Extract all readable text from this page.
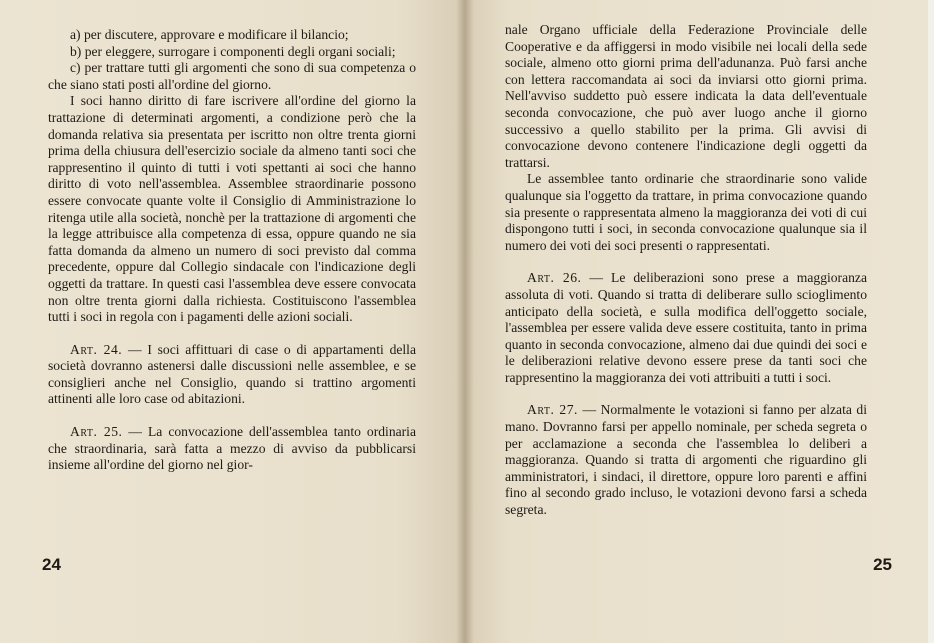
a) per discutere, approvare e modificare il bilancio;

b) per eleggere, surrogare i componenti degli organi sociali;

c) per trattare tutti gli argomenti che sono di sua competenza o che siano stati posti all'ordine del giorno.

I soci hanno diritto di fare iscrivere all'ordine del giorno la trattazione di determinati argomenti, a condizione però che la domanda relativa sia presentata per iscritto non oltre trenta giorni prima della chiusura dell'esercizio sociale da almeno tanti soci che rappresentino il quinto di tutti i voti spettanti ai soci che hanno diritto di voto nell'assemblea. Assemblee straordinarie possono essere convocate quante volte il Consiglio di Amministrazione lo ritenga utile alla società, nonchè per la trattazione di argomenti che la legge attribuisce alla competenza di essa, oppure quando ne sia fatta domanda da almeno un numero di soci previsto dal comma precedente, oppure dal Collegio sindacale con l'indicazione degli oggetti da trattare. In questi casi l'assemblea deve essere convocata non oltre trenta giorni dalla richiesta. Costituiscono l'assemblea tutti i soci in regola con i pagamenti delle azioni sociali.

Art. 24. — I soci affittuari di case o di appartamenti della società dovranno astenersi dalle discussioni nelle assemblee, e se consiglieri anche nel Consiglio, quando si trattino argomenti attinenti alle loro case od abitazioni.

Art. 25. — La convocazione dell'assemblea tanto ordinaria che straordinaria, sarà fatta a mezzo di avviso da pubblicarsi insieme all'ordine del giorno nel gior-

24

nale Organo ufficiale della Federazione Provinciale delle Cooperative e da affiggersi in modo visibile nei locali della sede sociale, almeno otto giorni prima dell'adunanza. Può farsi anche con lettera raccomandata ai soci da inviarsi otto giorni prima. Nell'avviso suddetto può essere indicata la data dell'eventuale seconda convocazione, che può aver luogo anche il giorno successivo a quello stabilito per la prima. Gli avvisi di convocazione devono contenere l'indicazione degli oggetti da trattarsi.

Le assemblee tanto ordinarie che straordinarie sono valide qualunque sia l'oggetto da trattare, in prima convocazione quando sia presente o rappresentata almeno la maggioranza dei voti di cui dispongono tutti i soci, in seconda convocazione qualunque sia il numero dei voti dei soci presenti o rappresentati.

Art. 26. — Le deliberazioni sono prese a maggioranza assoluta di voti. Quando si tratta di deliberare sullo scioglimento anticipato della società, e sulla modifica dell'oggetto sociale, l'assemblea per essere valida deve essere costituita, tanto in prima quanto in seconda convocazione, almeno dai due quindi dei soci e le deliberazioni relative devono essere prese da tanti soci che rappresentino la maggioranza dei voti attribuiti a tutti i soci.

Art. 27. — Normalmente le votazioni si fanno per alzata di mano. Dovranno farsi per appello nominale, per scheda segreta o per acclamazione a seconda che l'assemblea lo deliberi a maggioranza. Quando si tratta di argomenti che riguardino gli amministratori, i sindaci, il direttore, oppure loro parenti e affini fino al secondo grado incluso, le votazioni devono farsi a scheda segreta.

25
